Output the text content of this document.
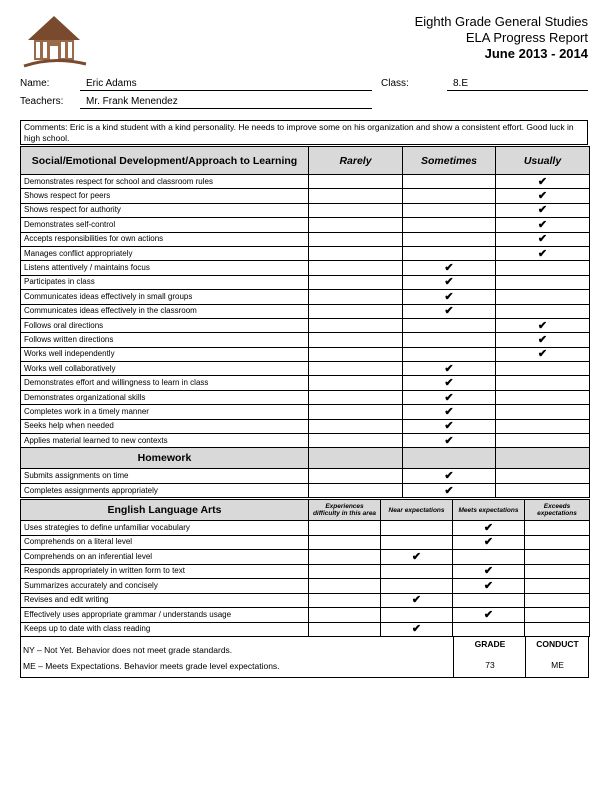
Eighth Grade General Studies
ELA Progress Report
June 2013 - 2014
Name:	Eric Adams	Class:	8.E
Teachers:	Mr. Frank Menendez
Comments: Eric is a kind student with a kind personality. He needs to improve some on his organization and show a consistent effort. Good luck in high school.
Social/Emotional Development/Approach to Learning	Rarely	Sometimes	Usually
Demonstrates respect for school and classroom rules			✔
Shows respect for peers			✔
Shows respect for authority			✔
Demonstrates self-control			✔
Accepts responsibilities for own actions			✔
Manages conflict appropriately			✔
Listens attentively / maintains focus		✔	
Participates in class		✔	
Communicates ideas effectively in small groups		✔	
Communicates ideas effectively in the classroom		✔	
Follows oral directions			✔
Follows written directions			✔
Works well independently			✔
Works well collaboratively		✔	
Demonstrates effort and willingness to learn in class		✔	
Demonstrates organizational skills		✔	
Completes work in a timely manner		✔	
Seeks help when needed		✔	
Applies material learned to new contexts		✔	
Homework			
Submits assignments on time		✔	
Completes assignments appropriately		✔	
English Language Arts	Experiences difficulty in this area	Near expectations	Meets expectations	Exceeds expectations
Uses strategies to define unfamiliar vocabulary			✔	
Comprehends on a literal level			✔	
Comprehends on an inferential level		✔		
Responds appropriately in written form to text			✔	
Summarizes accurately and concisely			✔	
Revises and edit writing		✔		
Effectively uses appropriate grammar / understands usage			✔	
Keeps up to date with class reading		✔		
NY – Not Yet. Behavior does not meet grade standards.
ME – Meets Expectations. Behavior meets grade level expectations.
GRADE
73
CONDUCT
ME
